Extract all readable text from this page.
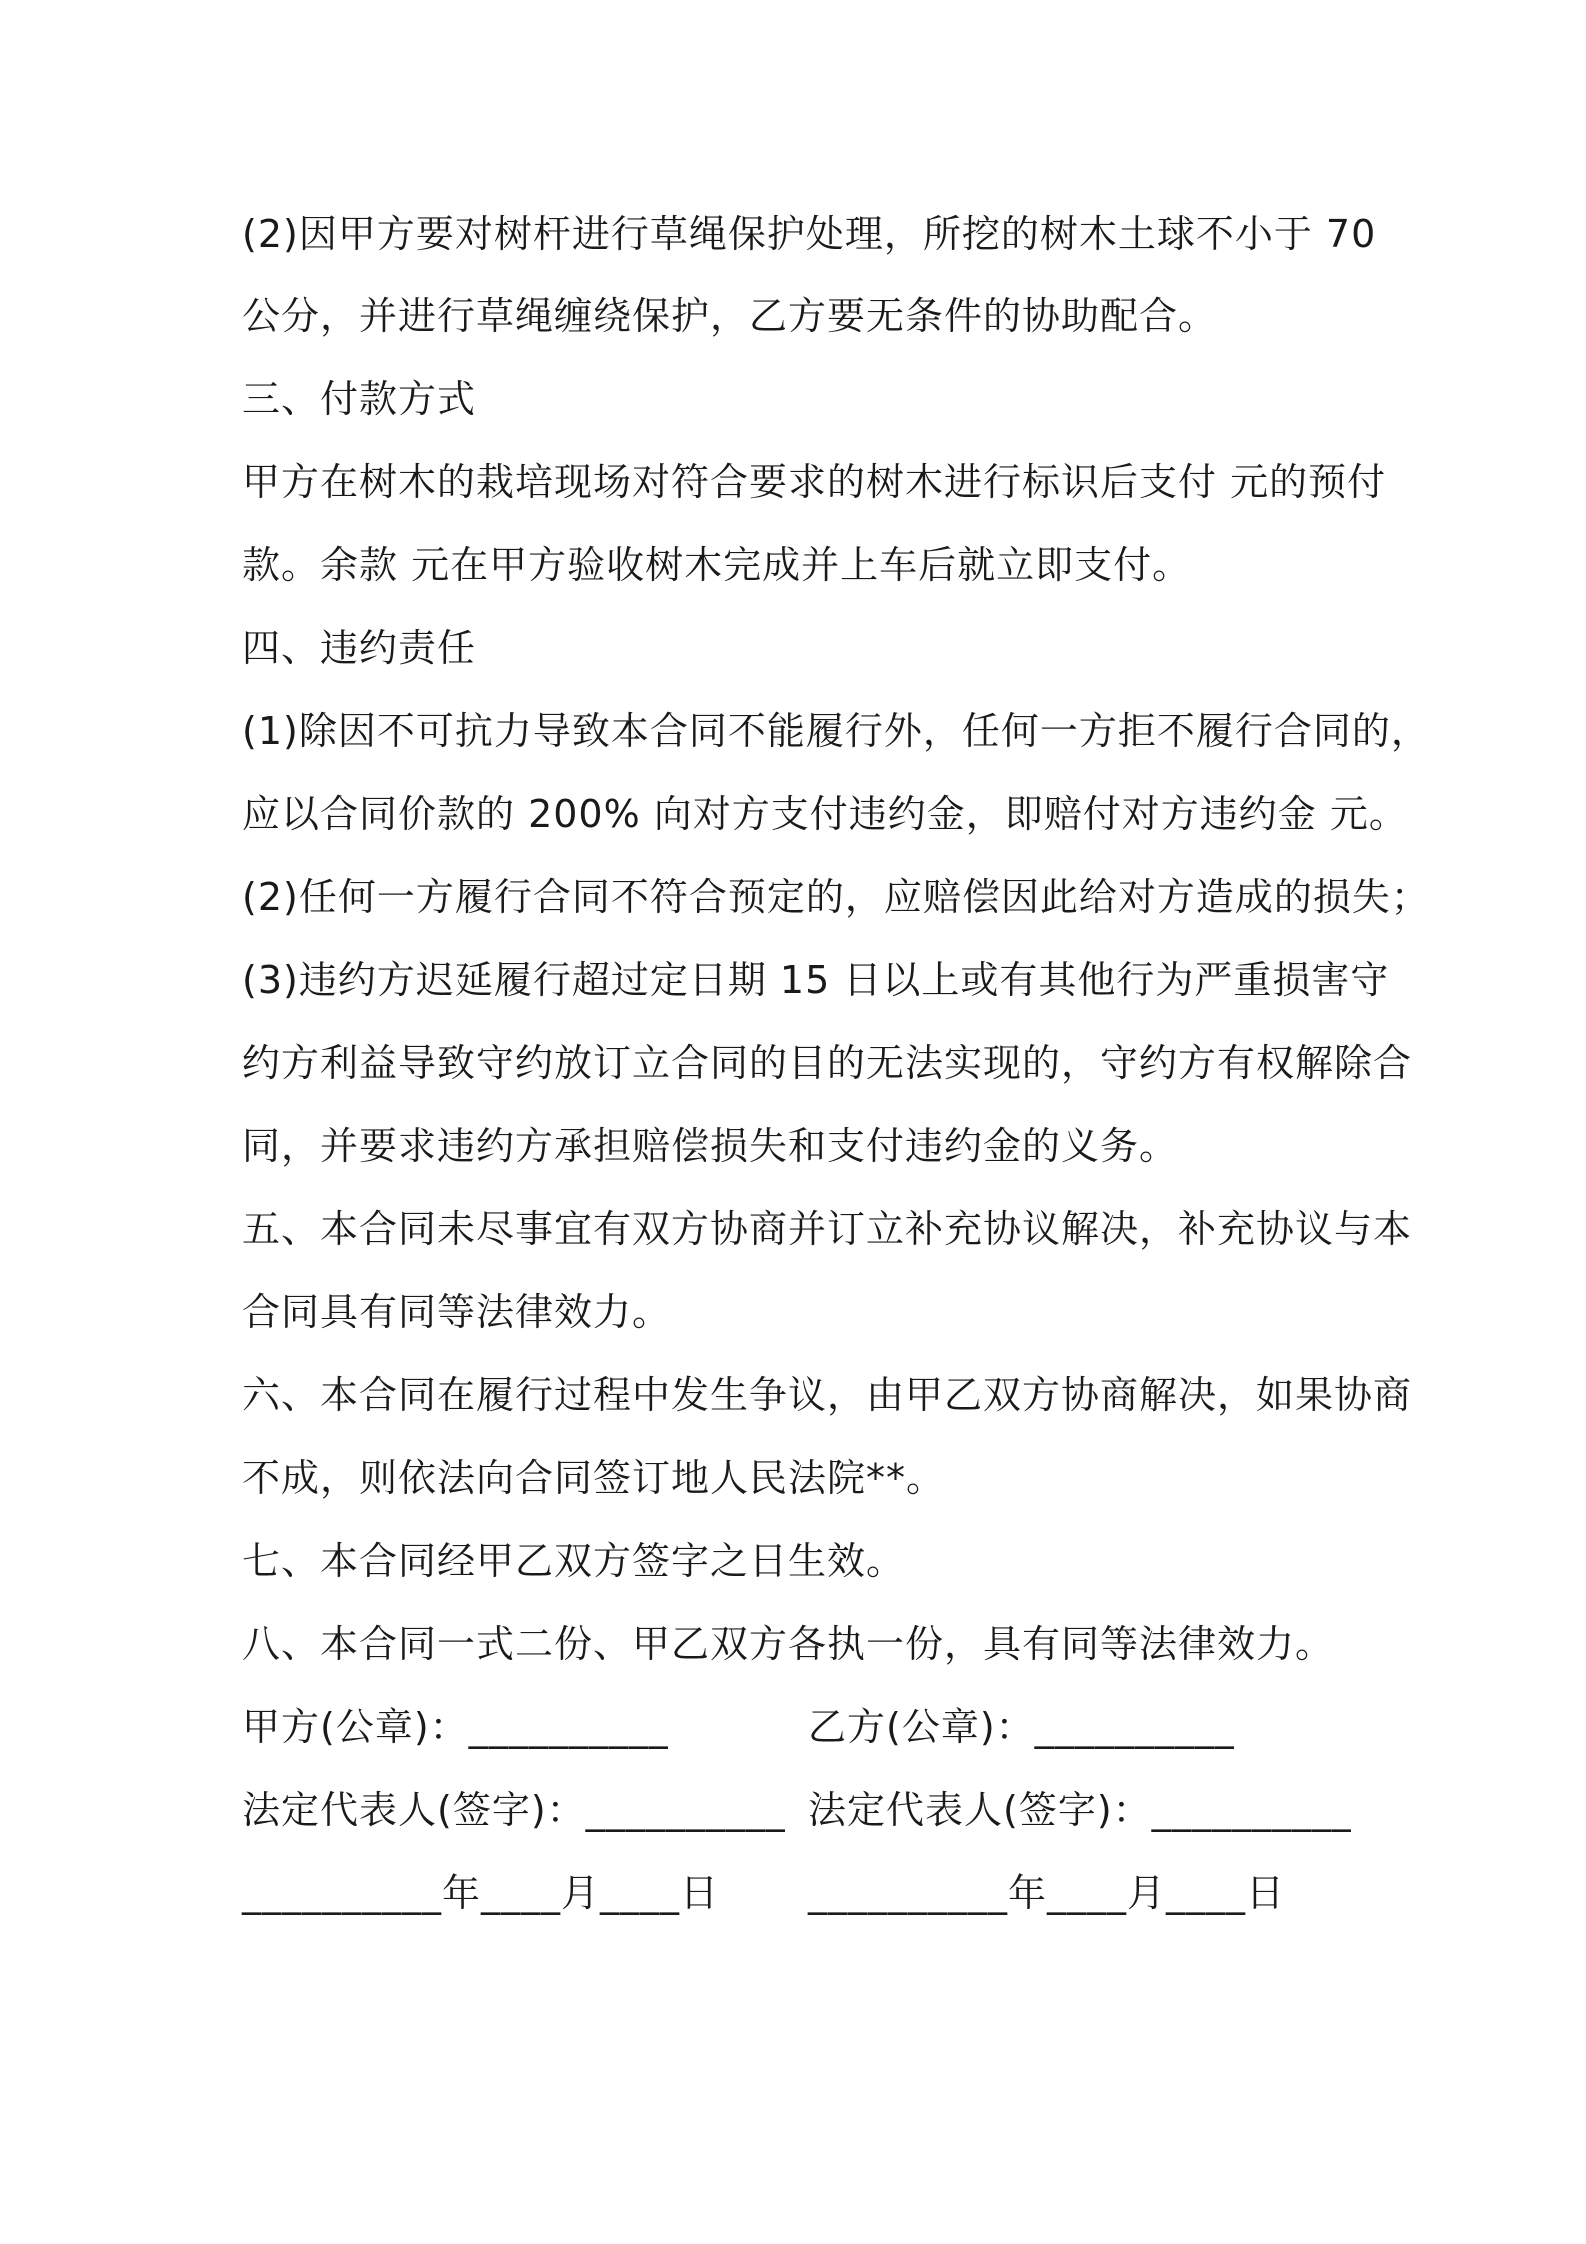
(2)因甲方要对树杆进行草绳保护处理，所挖的树木土球不小于 70
公分，并进行草绳缠绕保护，乙方要无条件的协助配合。
三、付款方式
甲方在树木的栽培现场对符合要求的树木进行标识后支付 元的预付
款。余款 元在甲方验收树木完成并上车后就立即支付。
四、违约责任
(1)除因不可抗力导致本合同不能履行外，任何一方拒不履行合同的，
应以合同价款的 200% 向对方支付违约金，即赔付对方违约金 元。
(2)任何一方履行合同不符合预定的，应赔偿因此给对方造成的损失；
(3)违约方迟延履行超过定日期 15 日以上或有其他行为严重损害守
约方利益导致守约放订立合同的目的无法实现的，守约方有权解除合
同，并要求违约方承担赔偿损失和支付违约金的义务。
五、本合同未尽事宜有双方协商并订立补充协议解决，补充协议与本
合同具有同等法律效力。
六、本合同在履行过程中发生争议，由甲乙双方协商解决，如果协商
不成，则依法向合同签订地人民法院**。
七、本合同经甲乙双方签字之日生效。
八、本合同一式二份、甲乙双方各执一份，具有同等法律效力。
甲方(公章)：__________	乙方(公章)：__________
法定代表人(签字)：__________ 法定代表人(签字)：__________
__________年____月____日 __________年____月____日
